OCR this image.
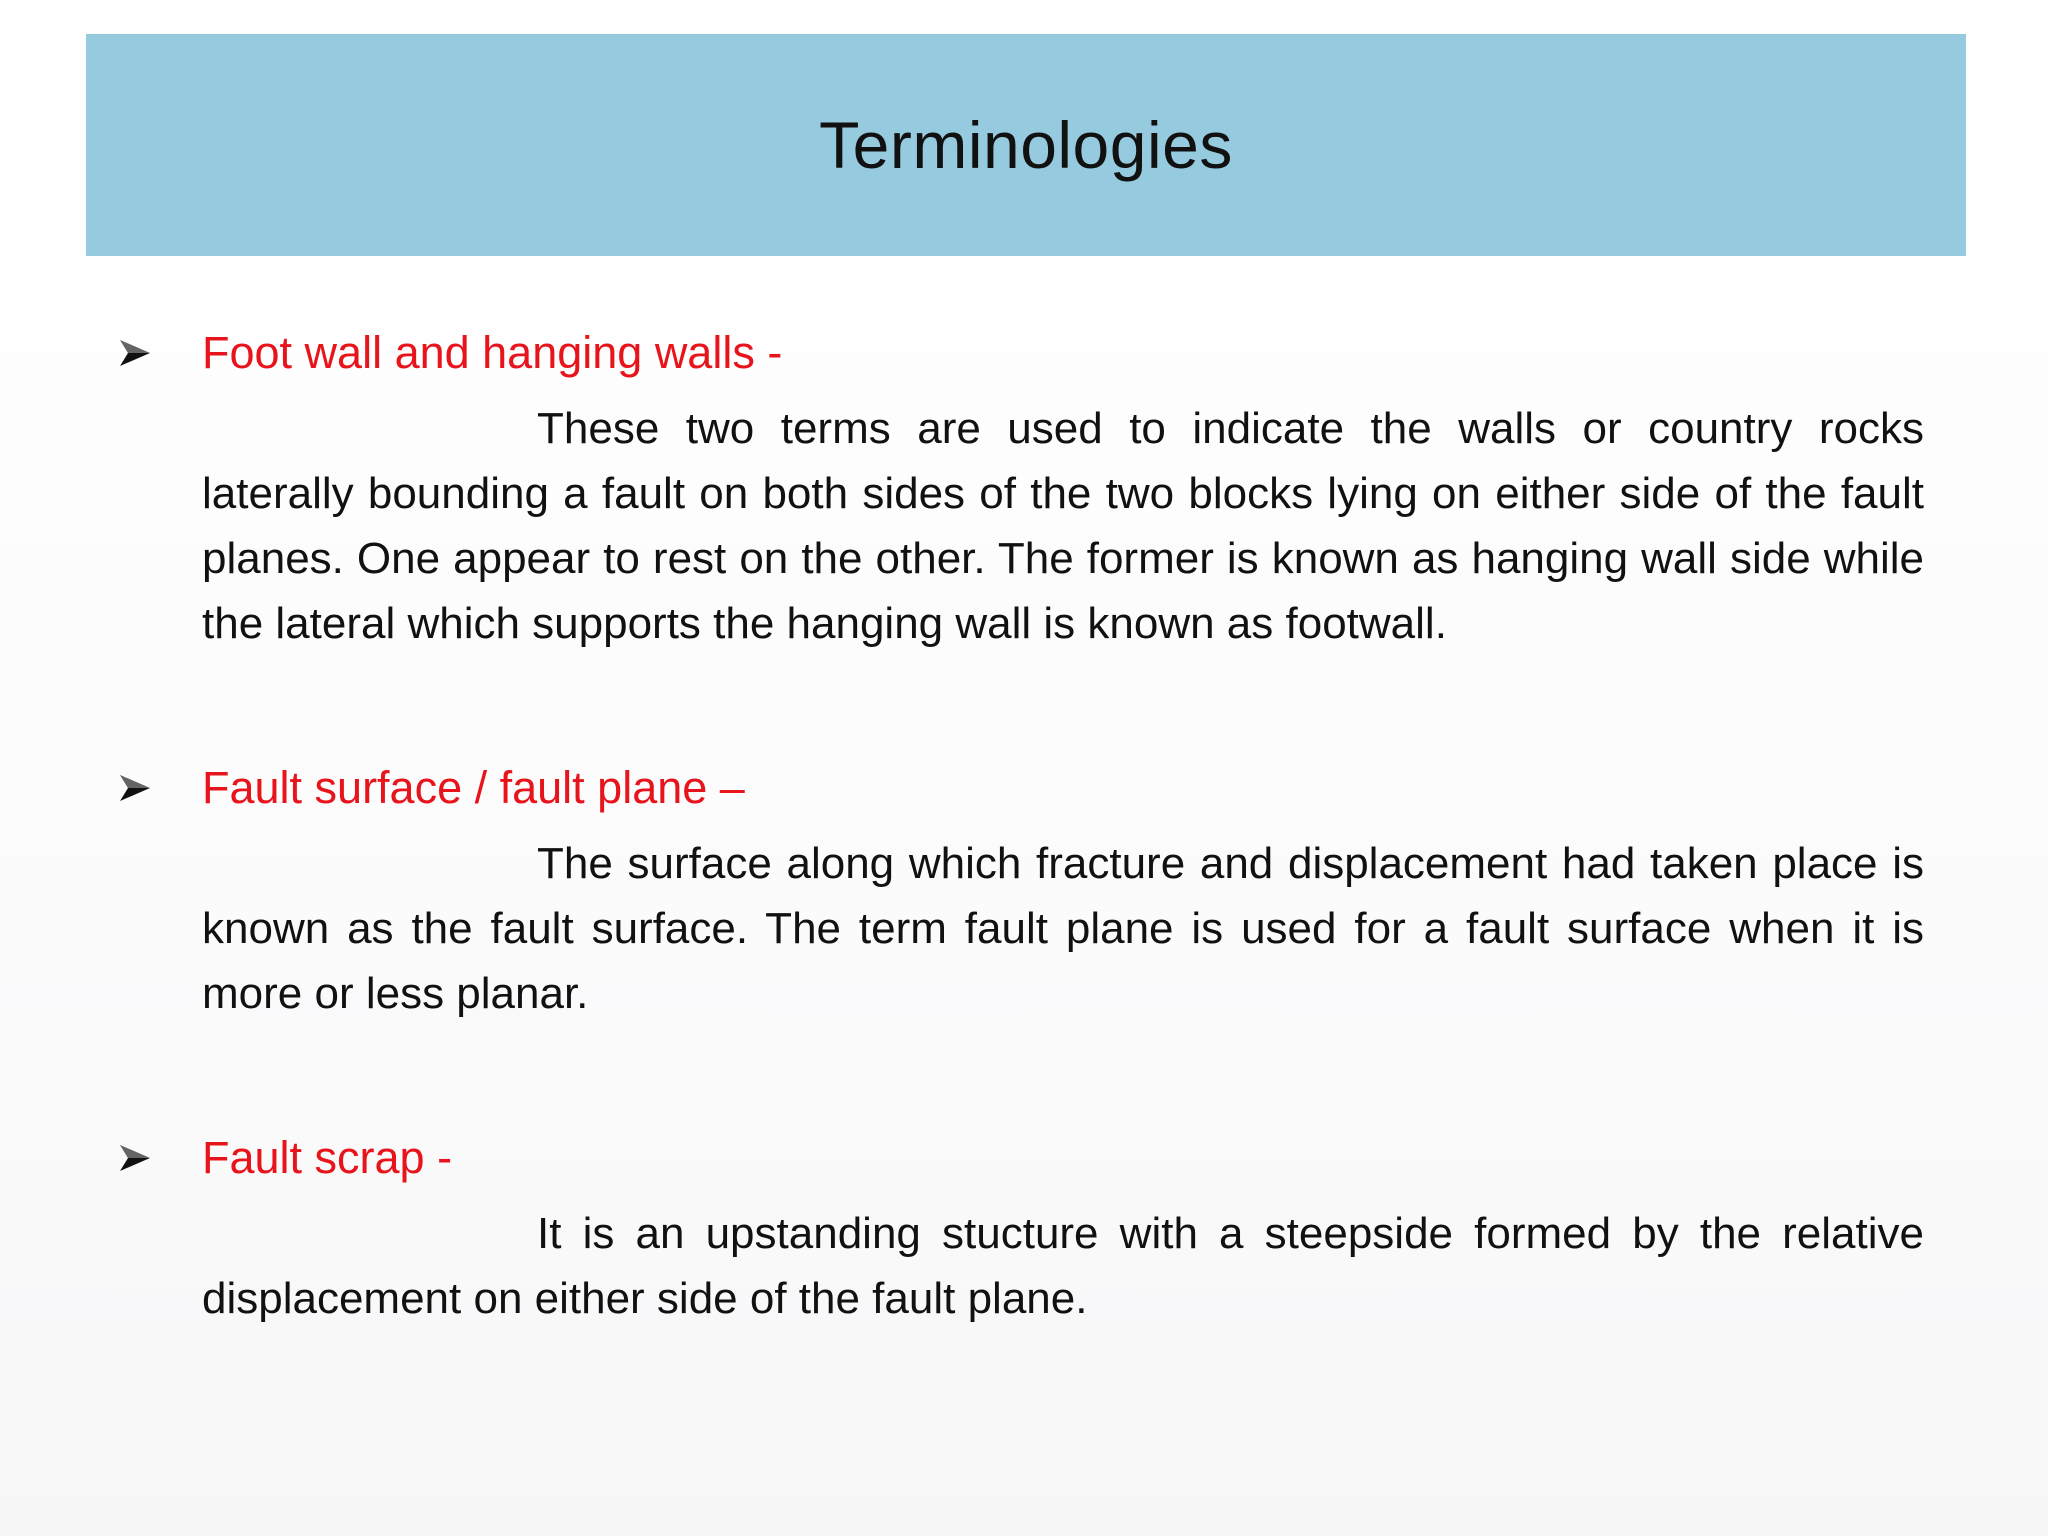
Terminologies
Foot wall and hanging walls -
These two terms are used to indicate the walls or country rocks laterally bounding a fault on both sides of the two blocks lying on either side of the fault planes. One appear to rest on the other. The former is known as hanging wall side while the lateral which supports the hanging wall is known as footwall.
Fault surface / fault plane –
The surface along which fracture and displacement had taken place is known as the fault surface. The term fault plane is used for a fault surface when it is more or less planar.
Fault scrap -
It is an upstanding stucture with a steepside formed by the relative displacement on either side of the fault plane.
